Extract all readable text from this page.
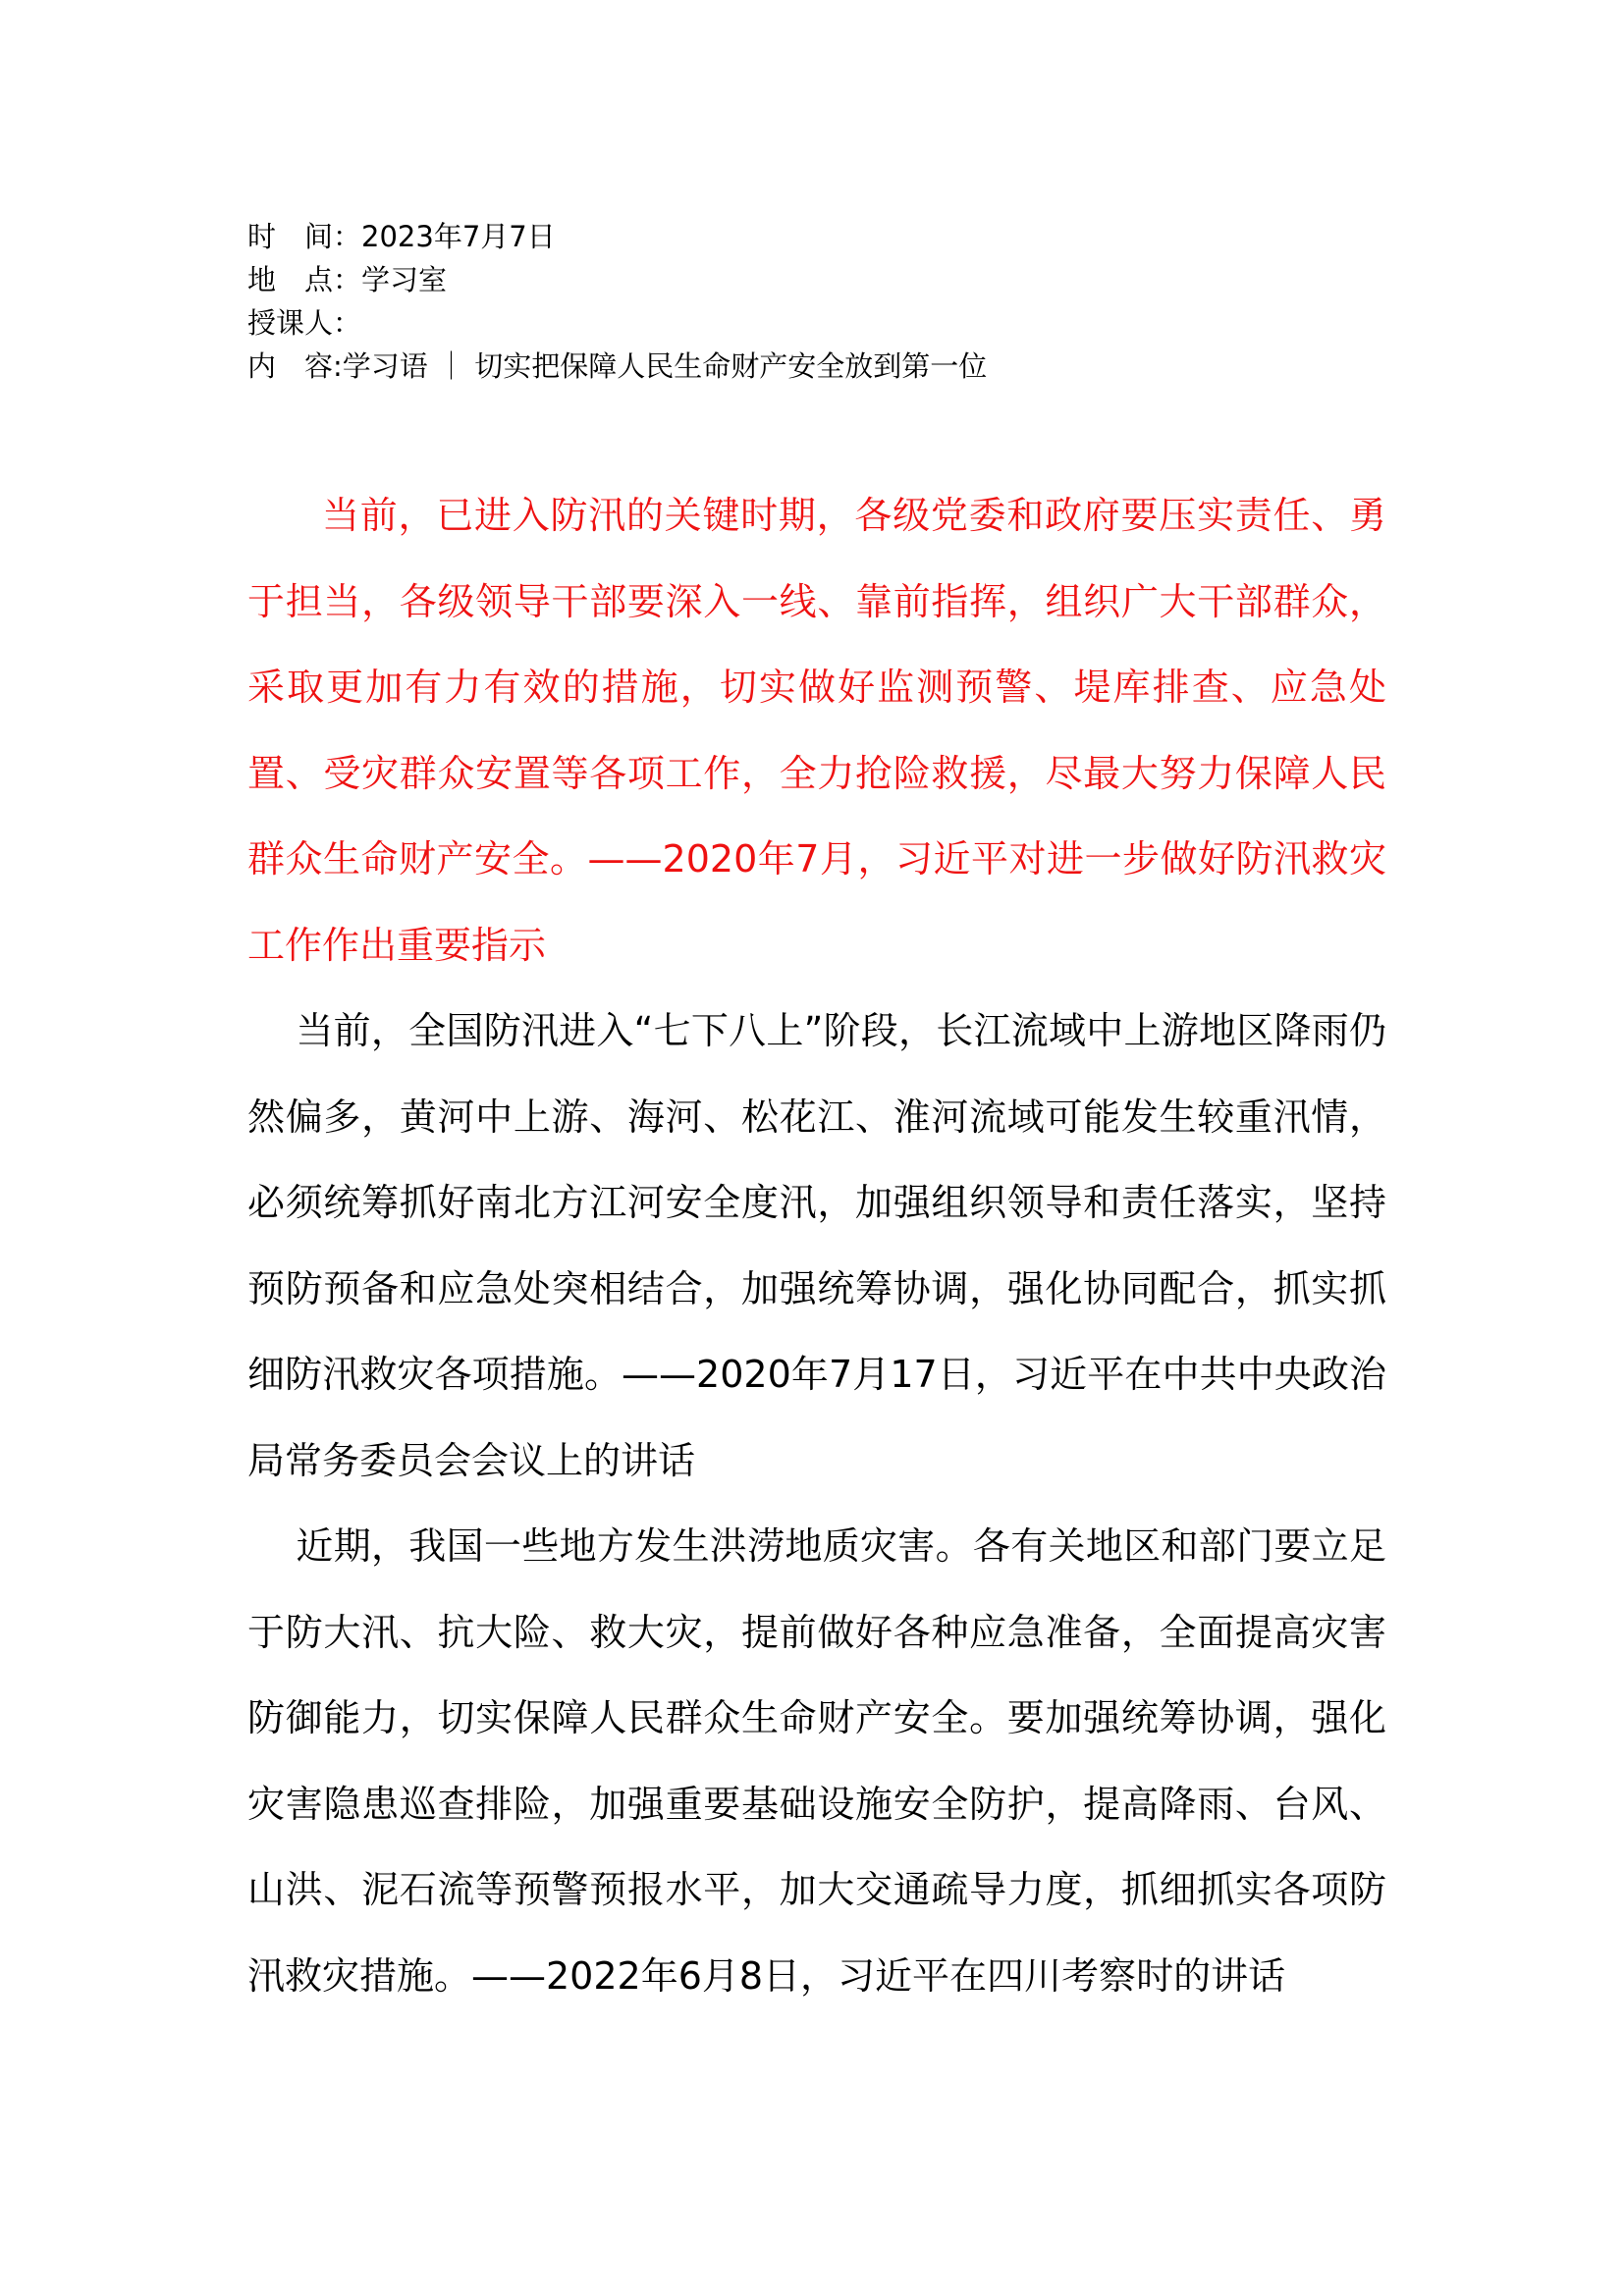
时　间：2023年7月7日
地　点：学习室
授课人：
内　容:学习语 ｜ 切实把保障人民生命财产安全放到第一位

当前，已进入防汛的关键时期，各级党委和政府要压实责任、勇于担当，各级领导干部要深入一线、靠前指挥，组织广大干部群众，采取更加有力有效的措施，切实做好监测预警、堤库排查、应急处置、受灾群众安置等各项工作，全力抢险救援，尽最大努力保障人民群众生命财产安全。——2020年7月，习近平对进一步做好防汛救灾工作作出重要指示

当前，全国防汛进入“七下八上”阶段，长江流域中上游地区降雨仍然偏多，黄河中上游、海河、松花江、淮河流域可能发生较重汛情，必须统筹抓好南北方江河安全度汛，加强组织领导和责任落实，坚持预防预备和应急处突相结合，加强统筹协调，强化协同配合，抓实抓细防汛救灾各项措施。——2020年7月17日，习近平在中共中央政治局常务委员会会议上的讲话

近期，我国一些地方发生洪涝地质灾害。各有关地区和部门要立足于防大汛、抗大险、救大灾，提前做好各种应急准备，全面提高灾害防御能力，切实保障人民群众生命财产安全。要加强统筹协调，强化灾害隐患巡查排险，加强重要基础设施安全防护，提高降雨、台风、山洪、泥石流等预警预报水平，加大交通疏导力度，抓细抓实各项防汛救灾措施。——2022年6月8日，习近平在四川考察时的讲话
